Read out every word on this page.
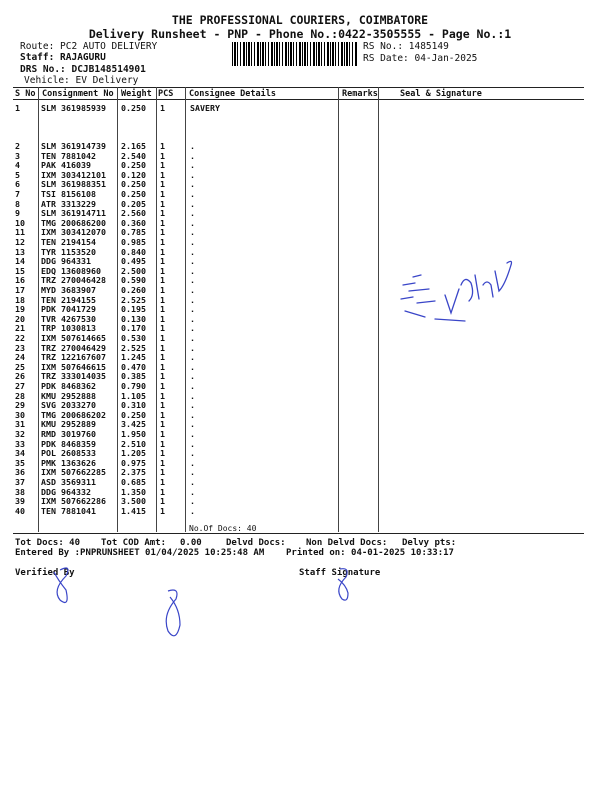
THE PROFESSIONAL COURIERS, COIMBATORE
Delivery Runsheet - PNP - Phone No.:0422-3505555 - Page No.:1
Route: PC2 AUTO DELIVERY
Staff: RAJAGURU
DRS No.: DCJB148514901
Vehicle: EV Delivery
RS No.: 1485149
RS Date: 04-Jan-2025
S No Consignment No Weight PCS Consignee Details	Remarks	Seal & Signature
1	SLM 361985939 0.250 1	SAVERY
2	SLM 361914739 2.165 1	.
3	TEN 7881042	2.540 1	.
4	PAK 416039	0.250 1	.
5	IXM 303412101 0.120 1	.
6	SLM 361988351 0.250 1	.
7	TSI 8156108	0.250 1	.
8	ATR 3313229	0.205 1	.
9	SLM 361914711 2.560 1	.
10 TMG 200686200 0.360 1	.
11 IXM 303412070 0.785 1	.
12 TEN 2194154	0.985 1	.
13 TYR 1153520	0.840 1	.
14 DDG 964331	0.495 1	.
15 EDQ 13608960 2.500 1	.
16 TRZ 270046428 0.590 1	.
17 MYD 3683907	0.260 1	.
18 TEN 2194155	2.525 1	.
19 PDK 7041729	0.195 1	.
20 TVR 4267530	0.130 1	.
21 TRP 1030813	0.170 1	.
22 IXM 507614665 0.530 1	.
23 TRZ 270046429 2.525 1	.
24 TRZ 122167607 1.245 1	.
25 IXM 507646615 0.470 1	.
26 TRZ 333014035 0.385 1	.
27 PDK 8468362	0.790 1	.
28 KMU 2952888	1.105 1	.
29 SVG 2033270	0.310 1	.
30 TMG 200686202 0.250 1	.
31 KMU 2952889	3.425 1	.
32 RMD 3019760	1.950 1	.
33 PDK 8468359	2.510 1	.
34 POL 2608533	1.205 1	.
35 PMK 1363626	0.975 1	.
36 IXM 507662285 2.375 1	.
37 ASD 3569311	0.685 1	.
38 DDG 964332	1.350 1	.
39 IXM 507662286 3.500 1	.
40 TEN 7881041	1.415 1	.
No.Of Docs: 40
Tot Docs: 40 Tot COD Amt: 0.00	Delvd Docs: Non Delvd Docs: Delvy pts:
Entered By :PNPRUNSHEET 01/04/2025 10:25:48 AM Printed on: 04-01-2025 10:33:17
Verified By	Staff Signature
